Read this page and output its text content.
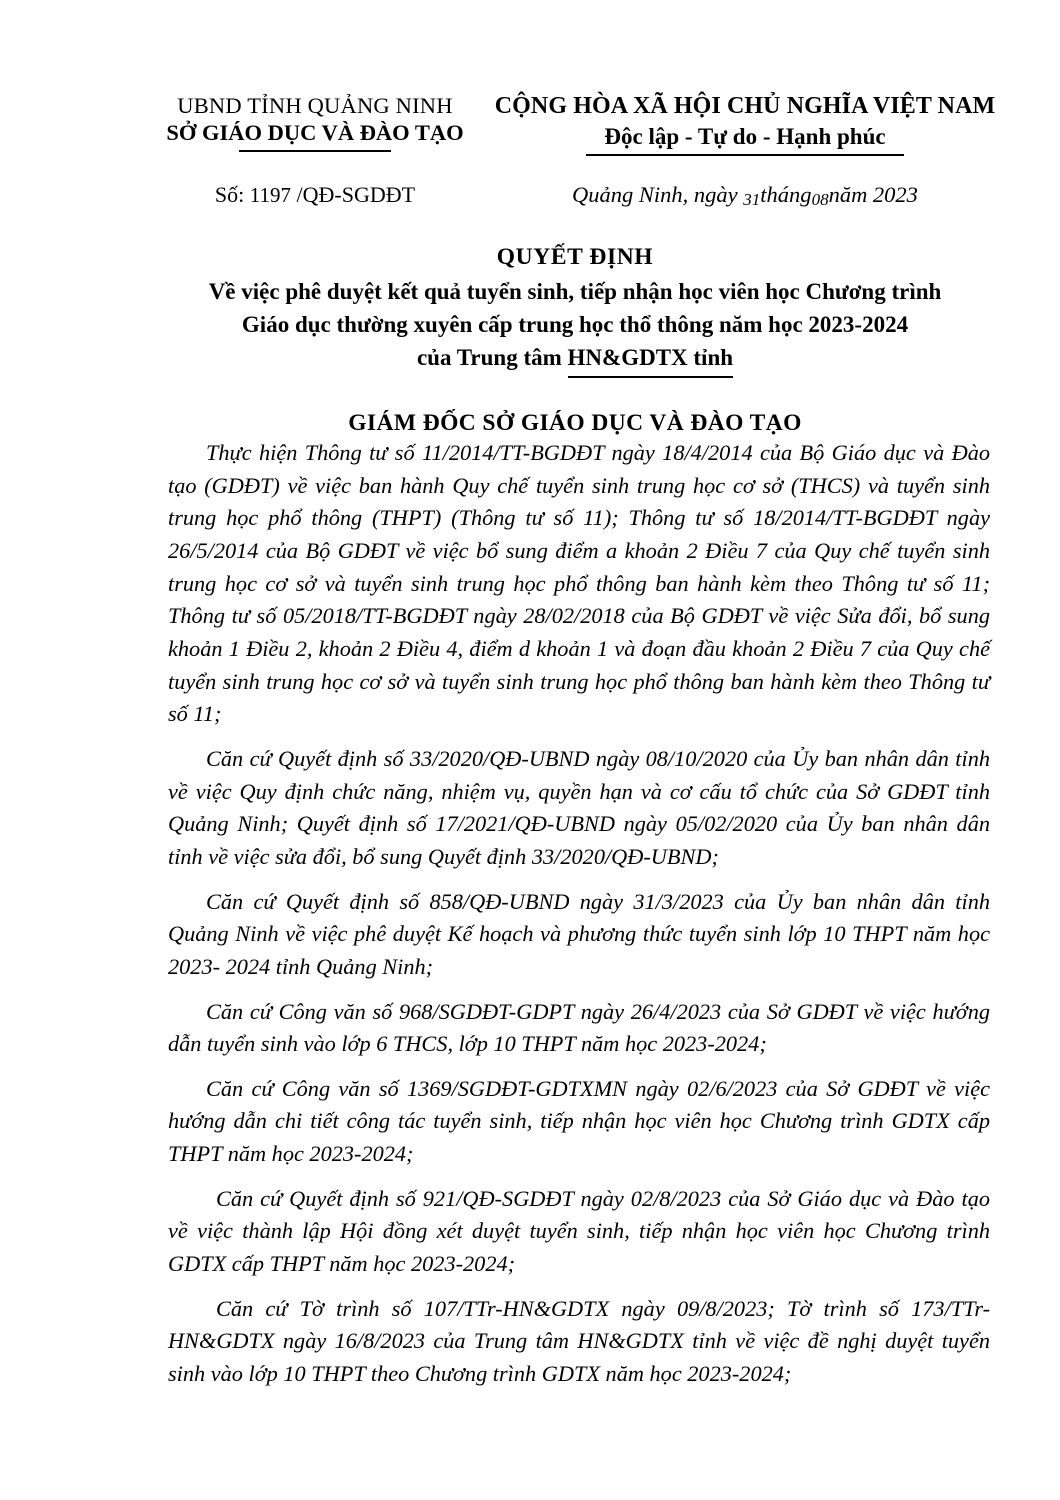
UBND TỈNH QUẢNG NINH
SỞ GIÁO DỤC VÀ ĐÀO TẠO
CỘNG HÒA XÃ HỘI CHỦ NGHĨA VIỆT NAM
Độc lập - Tự do - Hạnh phúc
Số: 1197 /QĐ-SGDĐT	Quảng Ninh, ngày 31tháng08năm 2023
QUYẾT ĐỊNH
Về việc phê duyệt kết quả tuyển sinh, tiếp nhận học viên học Chương trình
Giáo dục thường xuyên cấp trung học thổ thông năm học 2023-2024
của Trung tâm HN&GDTX tỉnh
GIÁM ĐỐC SỞ GIÁO DỤC VÀ ĐÀO TẠO

Thực hiện Thông tư số 11/2014/TT-BGDĐT ngày 18/4/2014 của Bộ Giáo dục và Đào tạo (GDĐT) về việc ban hành Quy chế tuyển sinh trung học cơ sở (THCS) và tuyển sinh trung học phổ thông (THPT) (Thông tư số 11); Thông tư số 18/2014/TT-BGDĐT ngày 26/5/2014 của Bộ GDĐT về việc bổ sung điểm a khoản 2 Điều 7 của Quy chế tuyển sinh trung học cơ sở và tuyển sinh trung học phổ thông ban hành kèm theo Thông tư số 11; Thông tư số 05/2018/TT-BGDĐT ngày 28/02/2018 của Bộ GDĐT về việc Sửa đổi, bổ sung khoản 1 Điều 2, khoản 2 Điều 4, điểm d khoản 1 và đoạn đầu khoản 2 Điều 7 của Quy chế tuyển sinh trung học cơ sở và tuyển sinh trung học phổ thông ban hành kèm theo Thông tư số 11;

Căn cứ Quyết định số 33/2020/QĐ-UBND ngày 08/10/2020 của Ủy ban nhân dân tỉnh về việc Quy định chức năng, nhiệm vụ, quyền hạn và cơ cấu tổ chức của Sở GDĐT tỉnh Quảng Ninh; Quyết định số 17/2021/QĐ-UBND ngày 05/02/2020 của Ủy ban nhân dân tỉnh về việc sửa đổi, bổ sung Quyết định 33/2020/QĐ-UBND;

Căn cứ Quyết định số 858/QĐ-UBND ngày 31/3/2023 của Ủy ban nhân dân tỉnh Quảng Ninh về việc phê duyệt Kế hoạch và phương thức tuyển sinh lớp 10 THPT năm học 2023- 2024 tỉnh Quảng Ninh;

Căn cứ Công văn số 968/SGDĐT-GDPT ngày 26/4/2023 của Sở GDĐT về việc hướng dẫn tuyển sinh vào lớp 6 THCS, lớp 10 THPT năm học 2023-2024;

Căn cứ Công văn số 1369/SGDĐT-GDTXMN ngày 02/6/2023 của Sở GDĐT về việc hướng dẫn chi tiết công tác tuyển sinh, tiếp nhận học viên học Chương trình GDTX cấp THPT năm học 2023-2024;

Căn cứ Quyết định số 921/QĐ-SGDĐT ngày 02/8/2023 của Sở Giáo dục và Đào tạo về việc thành lập Hội đồng xét duyệt tuyển sinh, tiếp nhận học viên học Chương trình GDTX cấp THPT năm học 2023-2024;

Căn cứ Tờ trình số 107/TTr-HN&GDTX ngày 09/8/2023; Tờ trình số 173/TTr-HN&GDTX ngày 16/8/2023 của Trung tâm HN&GDTX tỉnh về việc đề nghị duyệt tuyển sinh vào lớp 10 THPT theo Chương trình GDTX năm học 2023-2024;
